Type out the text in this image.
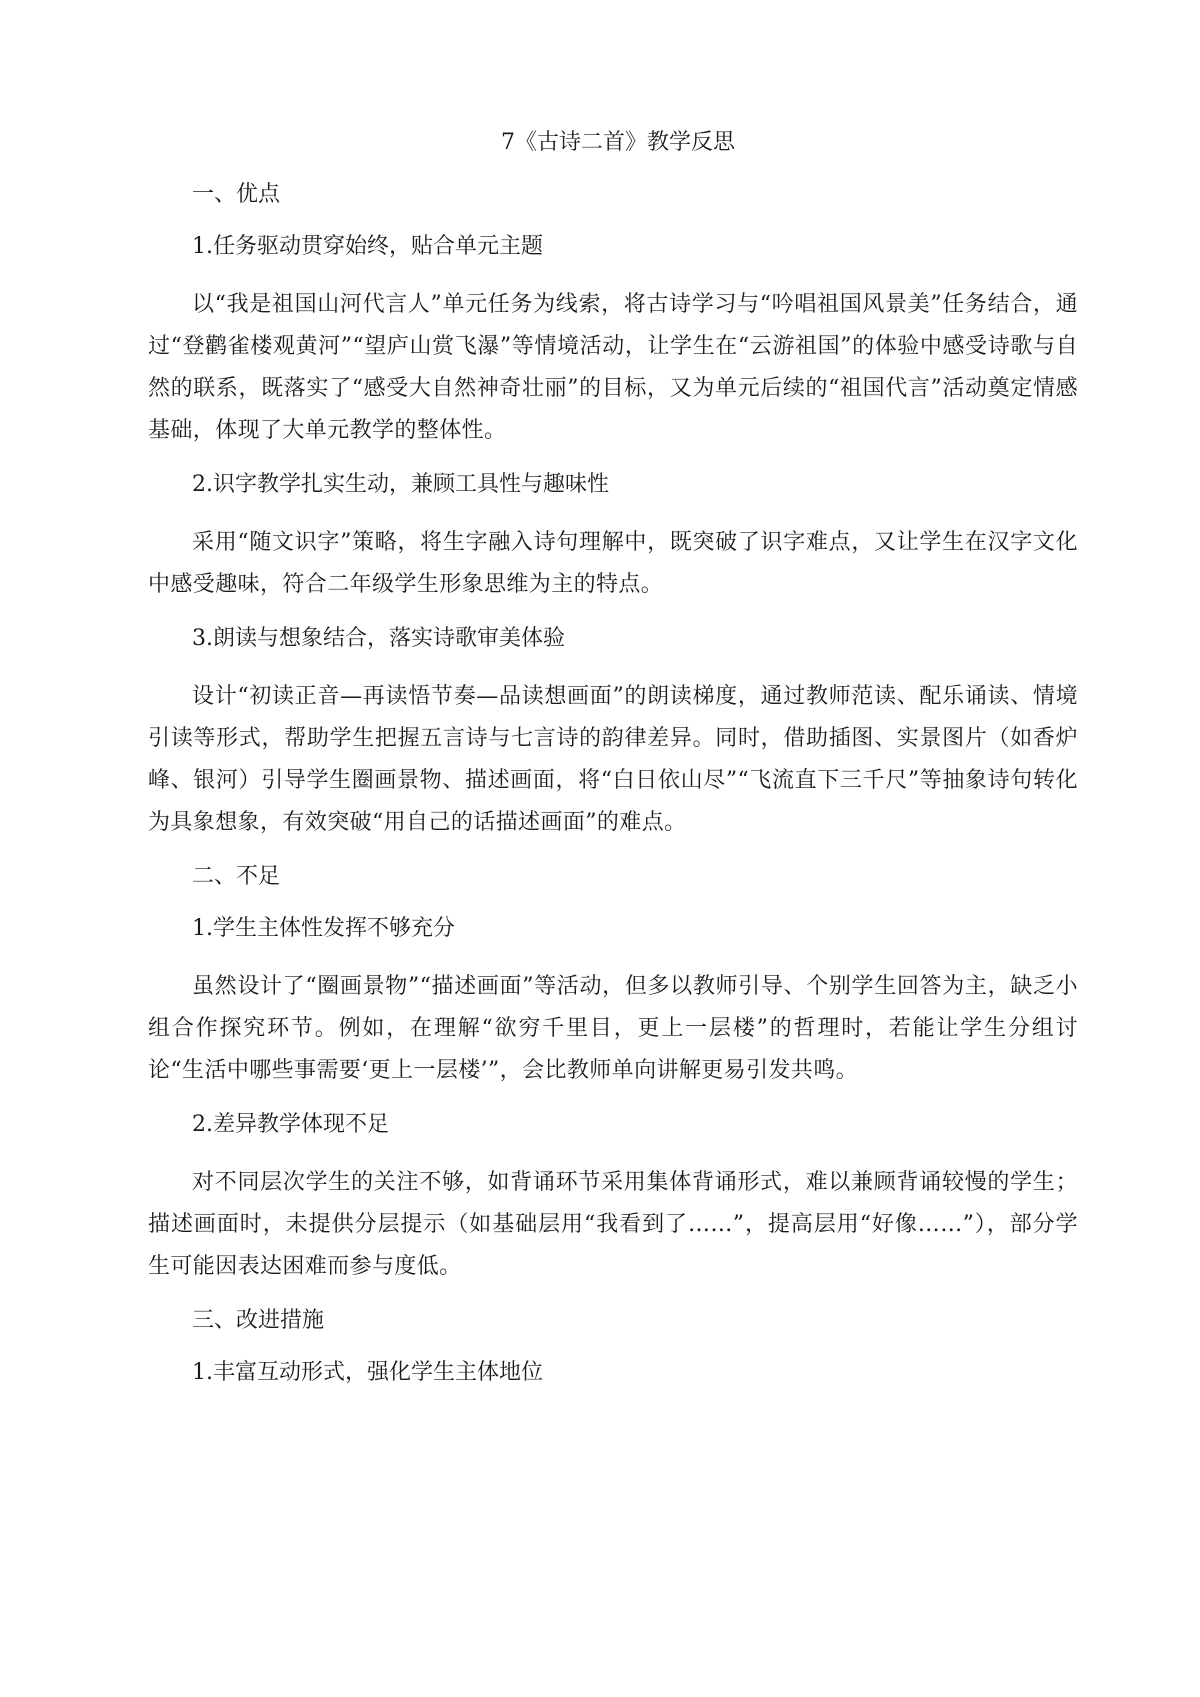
7《古诗二首》教学反思
一、优点
1.任务驱动贯穿始终，贴合单元主题
以“我是祖国山河代言人”单元任务为线索，将古诗学习与“吟唱祖国风景美”任务结合，通过“登鹳雀楼观黄河”“望庐山赏飞瀑”等情境活动，让学生在“云游祖国”的体验中感受诗歌与自然的联系，既落实了“感受大自然神奇壮丽”的目标，又为单元后续的“祖国代言”活动奠定情感基础，体现了大单元教学的整体性。
2.识字教学扎实生动，兼顾工具性与趣味性
采用“随文识字”策略，将生字融入诗句理解中，既突破了识字难点，又让学生在汉字文化中感受趣味，符合二年级学生形象思维为主的特点。
3.朗读与想象结合，落实诗歌审美体验
设计“初读正音—再读悟节奏—品读想画面”的朗读梯度，通过教师范读、配乐诵读、情境引读等形式，帮助学生把握五言诗与七言诗的韵律差异。同时，借助插图、实景图片（如香炉峰、银河）引导学生圈画景物、描述画面，将“白日依山尽”“飞流直下三千尺”等抽象诗句转化为具象想象，有效突破“用自己的话描述画面”的难点。
二、不足
1.学生主体性发挥不够充分
虽然设计了“圈画景物”“描述画面”等活动，但多以教师引导、个别学生回答为主，缺乏小组合作探究环节。例如，在理解“欲穷千里目，更上一层楼”的哲理时，若能让学生分组讨论“生活中哪些事需要‘更上一层楼’”，会比教师单向讲解更易引发共鸣。
2.差异教学体现不足
对不同层次学生的关注不够，如背诵环节采用集体背诵形式，难以兼顾背诵较慢的学生；描述画面时，未提供分层提示（如基础层用“我看到了……”，提高层用“好像……”），部分学生可能因表达困难而参与度低。
三、改进措施
1.丰富互动形式，强化学生主体地位
